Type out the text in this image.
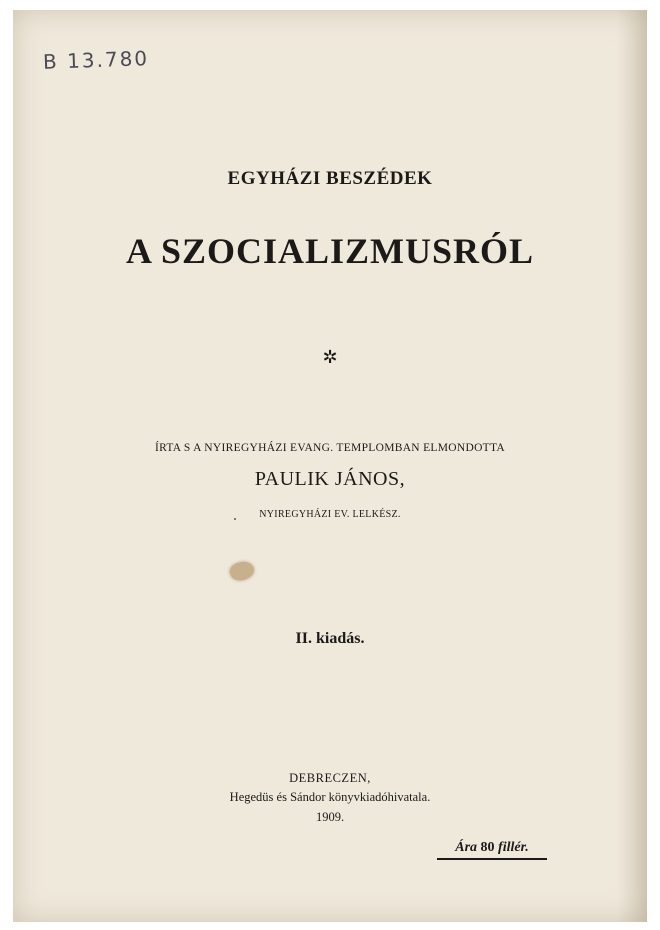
B 13.780
EGYHÁZI BESZÉDEK
A SZOCIALIZMUSRÓL
✲
ÍRTA S A NYIREGYHÁZI EVANG. TEMPLOMBAN ELMONDOTTA
PAULIK JÁNOS,
NYIREGYHÁZI EV. LELKÉSZ.
II. kiadás.
DEBRECZEN,
Hegedüs és Sándor könyvkiadóhivatala.
1909.
Ára 80 fillér.
